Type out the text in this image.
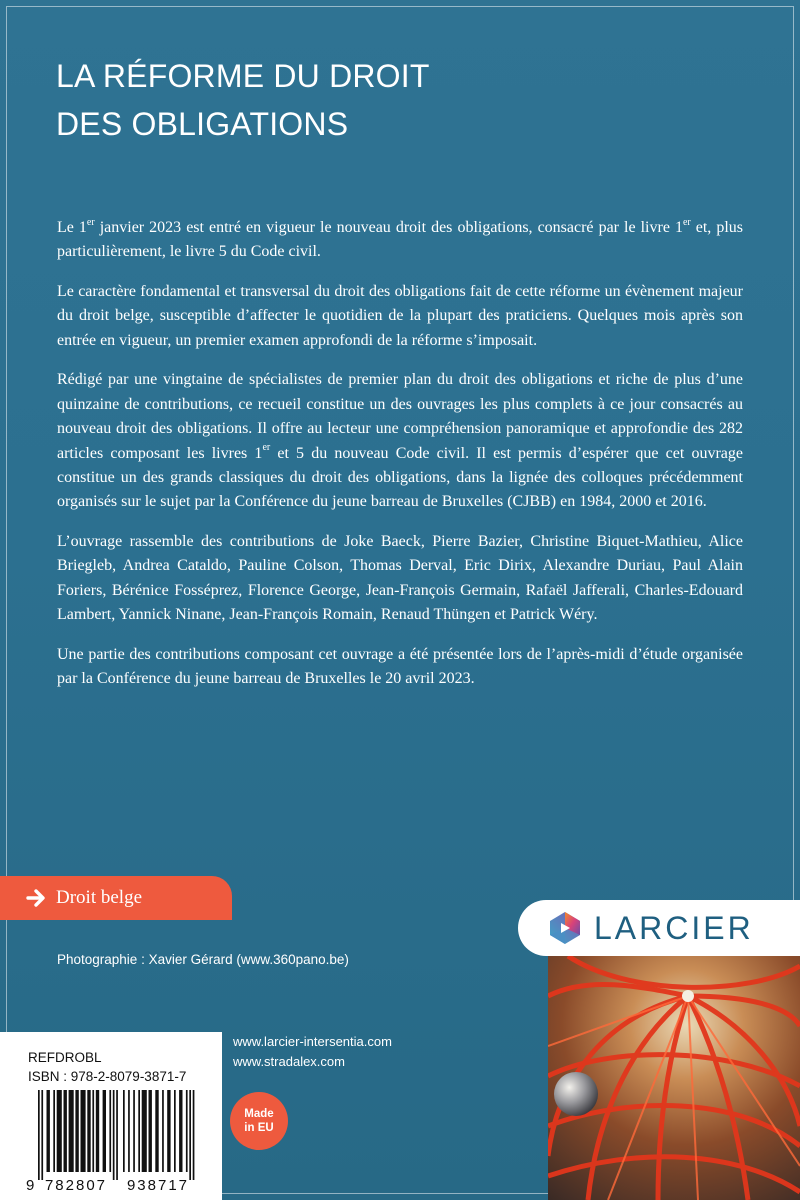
LA RÉFORME DU DROIT
DES OBLIGATIONS

Le 1er janvier 2023 est entré en vigueur le nouveau droit des obligations, consacré par le livre 1er et, plus particulièrement, le livre 5 du Code civil.

Le caractère fondamental et transversal du droit des obligations fait de cette réforme un évènement majeur du droit belge, susceptible d’affecter le quotidien de la plupart des praticiens. Quelques mois après son entrée en vigueur, un premier examen approfondi de la réforme s’imposait.

Rédigé par une vingtaine de spécialistes de premier plan du droit des obligations et riche de plus d’une quinzaine de contributions, ce recueil constitue un des ouvrages les plus complets à ce jour consacrés au nouveau droit des obligations. Il offre au lecteur une compréhension panoramique et approfondie des 282 articles composant les livres 1er et 5 du nouveau Code civil. Il est permis d’espérer que cet ouvrage constitue un des grands classiques du droit des obligations, dans la lignée des colloques précédemment organisés sur le sujet par la Conférence du jeune barreau de Bruxelles (CJBB) en 1984, 2000 et 2016.

L’ouvrage rassemble des contributions de Joke Baeck, Pierre Bazier, Christine Biquet-Mathieu, Alice Briegleb, Andrea Cataldo, Pauline Colson, Thomas Derval, Eric Dirix, Alexandre Duriau, Paul Alain Foriers, Bérénice Fosséprez, Florence George, Jean-François Germain, Rafaël Jafferali, Charles-Edouard Lambert, Yannick Ninane, Jean-François Romain, Renaud Thüngen et Patrick Wéry.

Une partie des contributions composant cet ouvrage a été présentée lors de l’après-midi d’étude organisée par la Conférence du jeune barreau de Bruxelles le 20 avril 2023.

Droit belge
Photographie : Xavier Gérard (www.360pano.be)
LARCIER
www.larcier-intersentia.com
www.stradalex.com
Made
in EU
REFDROBL
ISBN : 978-2-8079-3871-7
9 782807 938717
